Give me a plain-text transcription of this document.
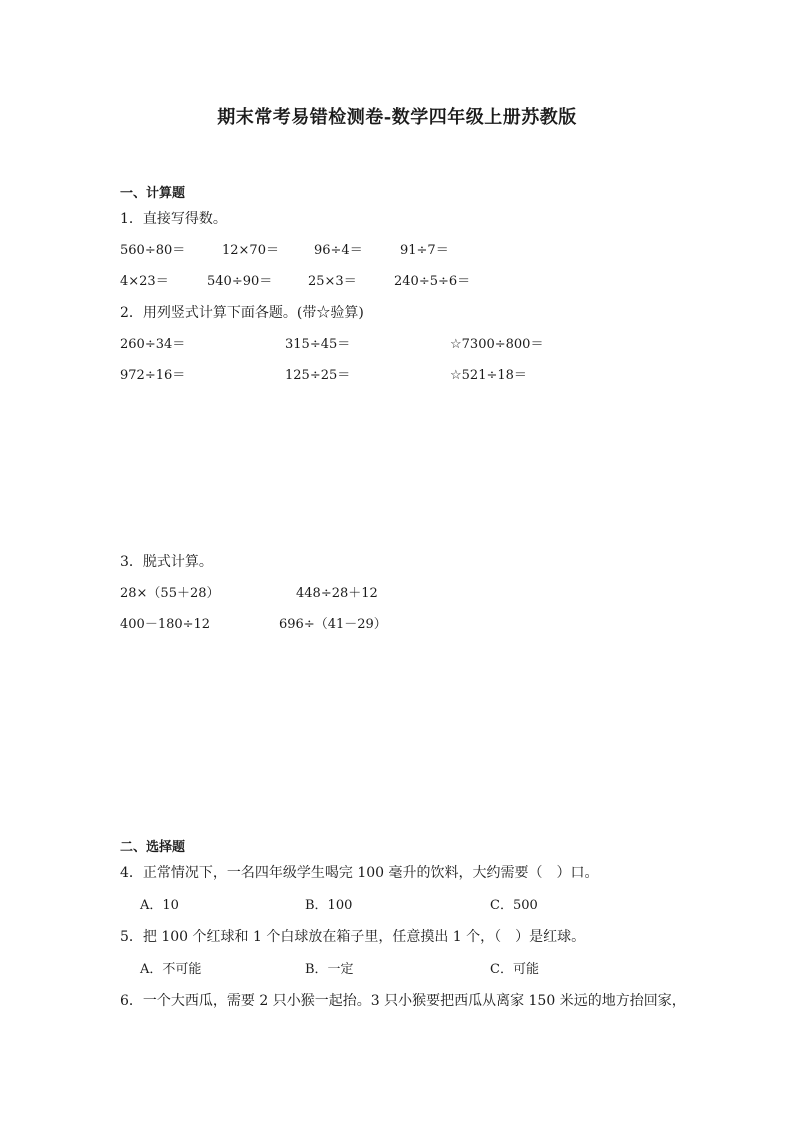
期末常考易错检测卷-数学四年级上册苏教版
一、计算题
1．直接写得数。
560÷80＝	12×70＝	96÷4＝	91÷7＝
4×23＝	540÷90＝	25×3＝	240÷5÷6＝
2．用列竖式计算下面各题。(带☆验算)
260÷34＝	315÷45＝	☆7300÷800＝
972÷16＝	125÷25＝	☆521÷18＝
3．脱式计算。
28×（55＋28）	448÷28＋12
400－180÷12	696÷（41－29）
二、选择题
4．正常情况下，一名四年级学生喝完 100 毫升的饮料，大约需要（　）口。
A．10	B．100	C．500
5．把 100 个红球和 1 个白球放在箱子里，任意摸出 1 个，（　）是红球。
A．不可能	B．一定	C．可能
6．一个大西瓜，需要 2 只小猴一起抬。3 只小猴要把西瓜从离家 150 米远的地方抬回家，
